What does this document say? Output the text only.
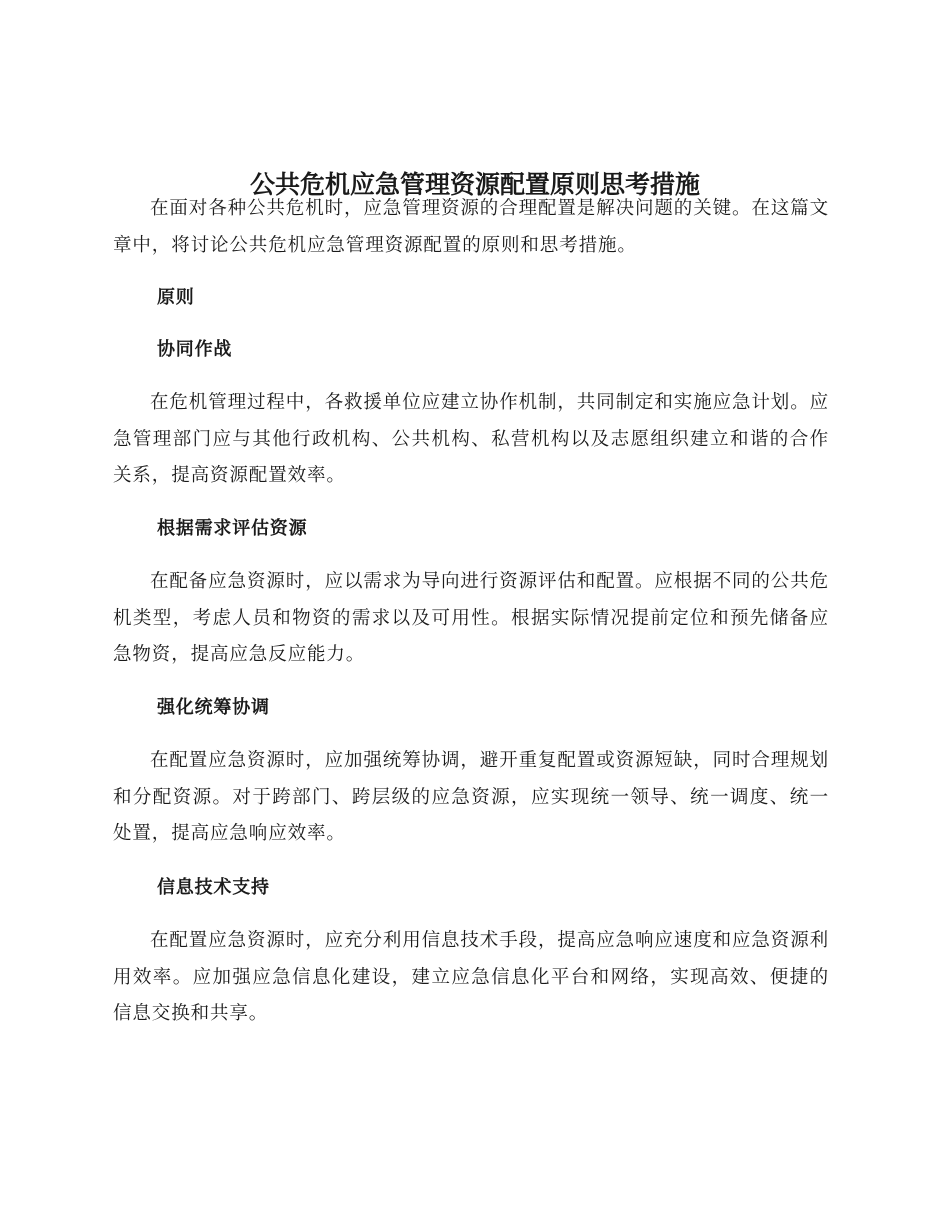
公共危机应急管理资源配置原则思考措施

在面对各种公共危机时，应急管理资源的合理配置是解决问题的关键。在这篇文章中，将讨论公共危机应急管理资源配置的原则和思考措施。

原则
协同作战

在危机管理过程中，各救援单位应建立协作机制，共同制定和实施应急计划。应急管理部门应与其他行政机构、公共机构、私营机构以及志愿组织建立和谐的合作关系，提高资源配置效率。

根据需求评估资源

在配备应急资源时，应以需求为导向进行资源评估和配置。应根据不同的公共危机类型，考虑人员和物资的需求以及可用性。根据实际情况提前定位和预先储备应急物资，提高应急反应能力。

强化统筹协调

在配置应急资源时，应加强统筹协调，避开重复配置或资源短缺，同时合理规划和分配资源。对于跨部门、跨层级的应急资源，应实现统一领导、统一调度、统一处置，提高应急响应效率。

信息技术支持

在配置应急资源时，应充分利用信息技术手段，提高应急响应速度和应急资源利用效率。应加强应急信息化建设，建立应急信息化平台和网络，实现高效、便捷的信息交换和共享。
